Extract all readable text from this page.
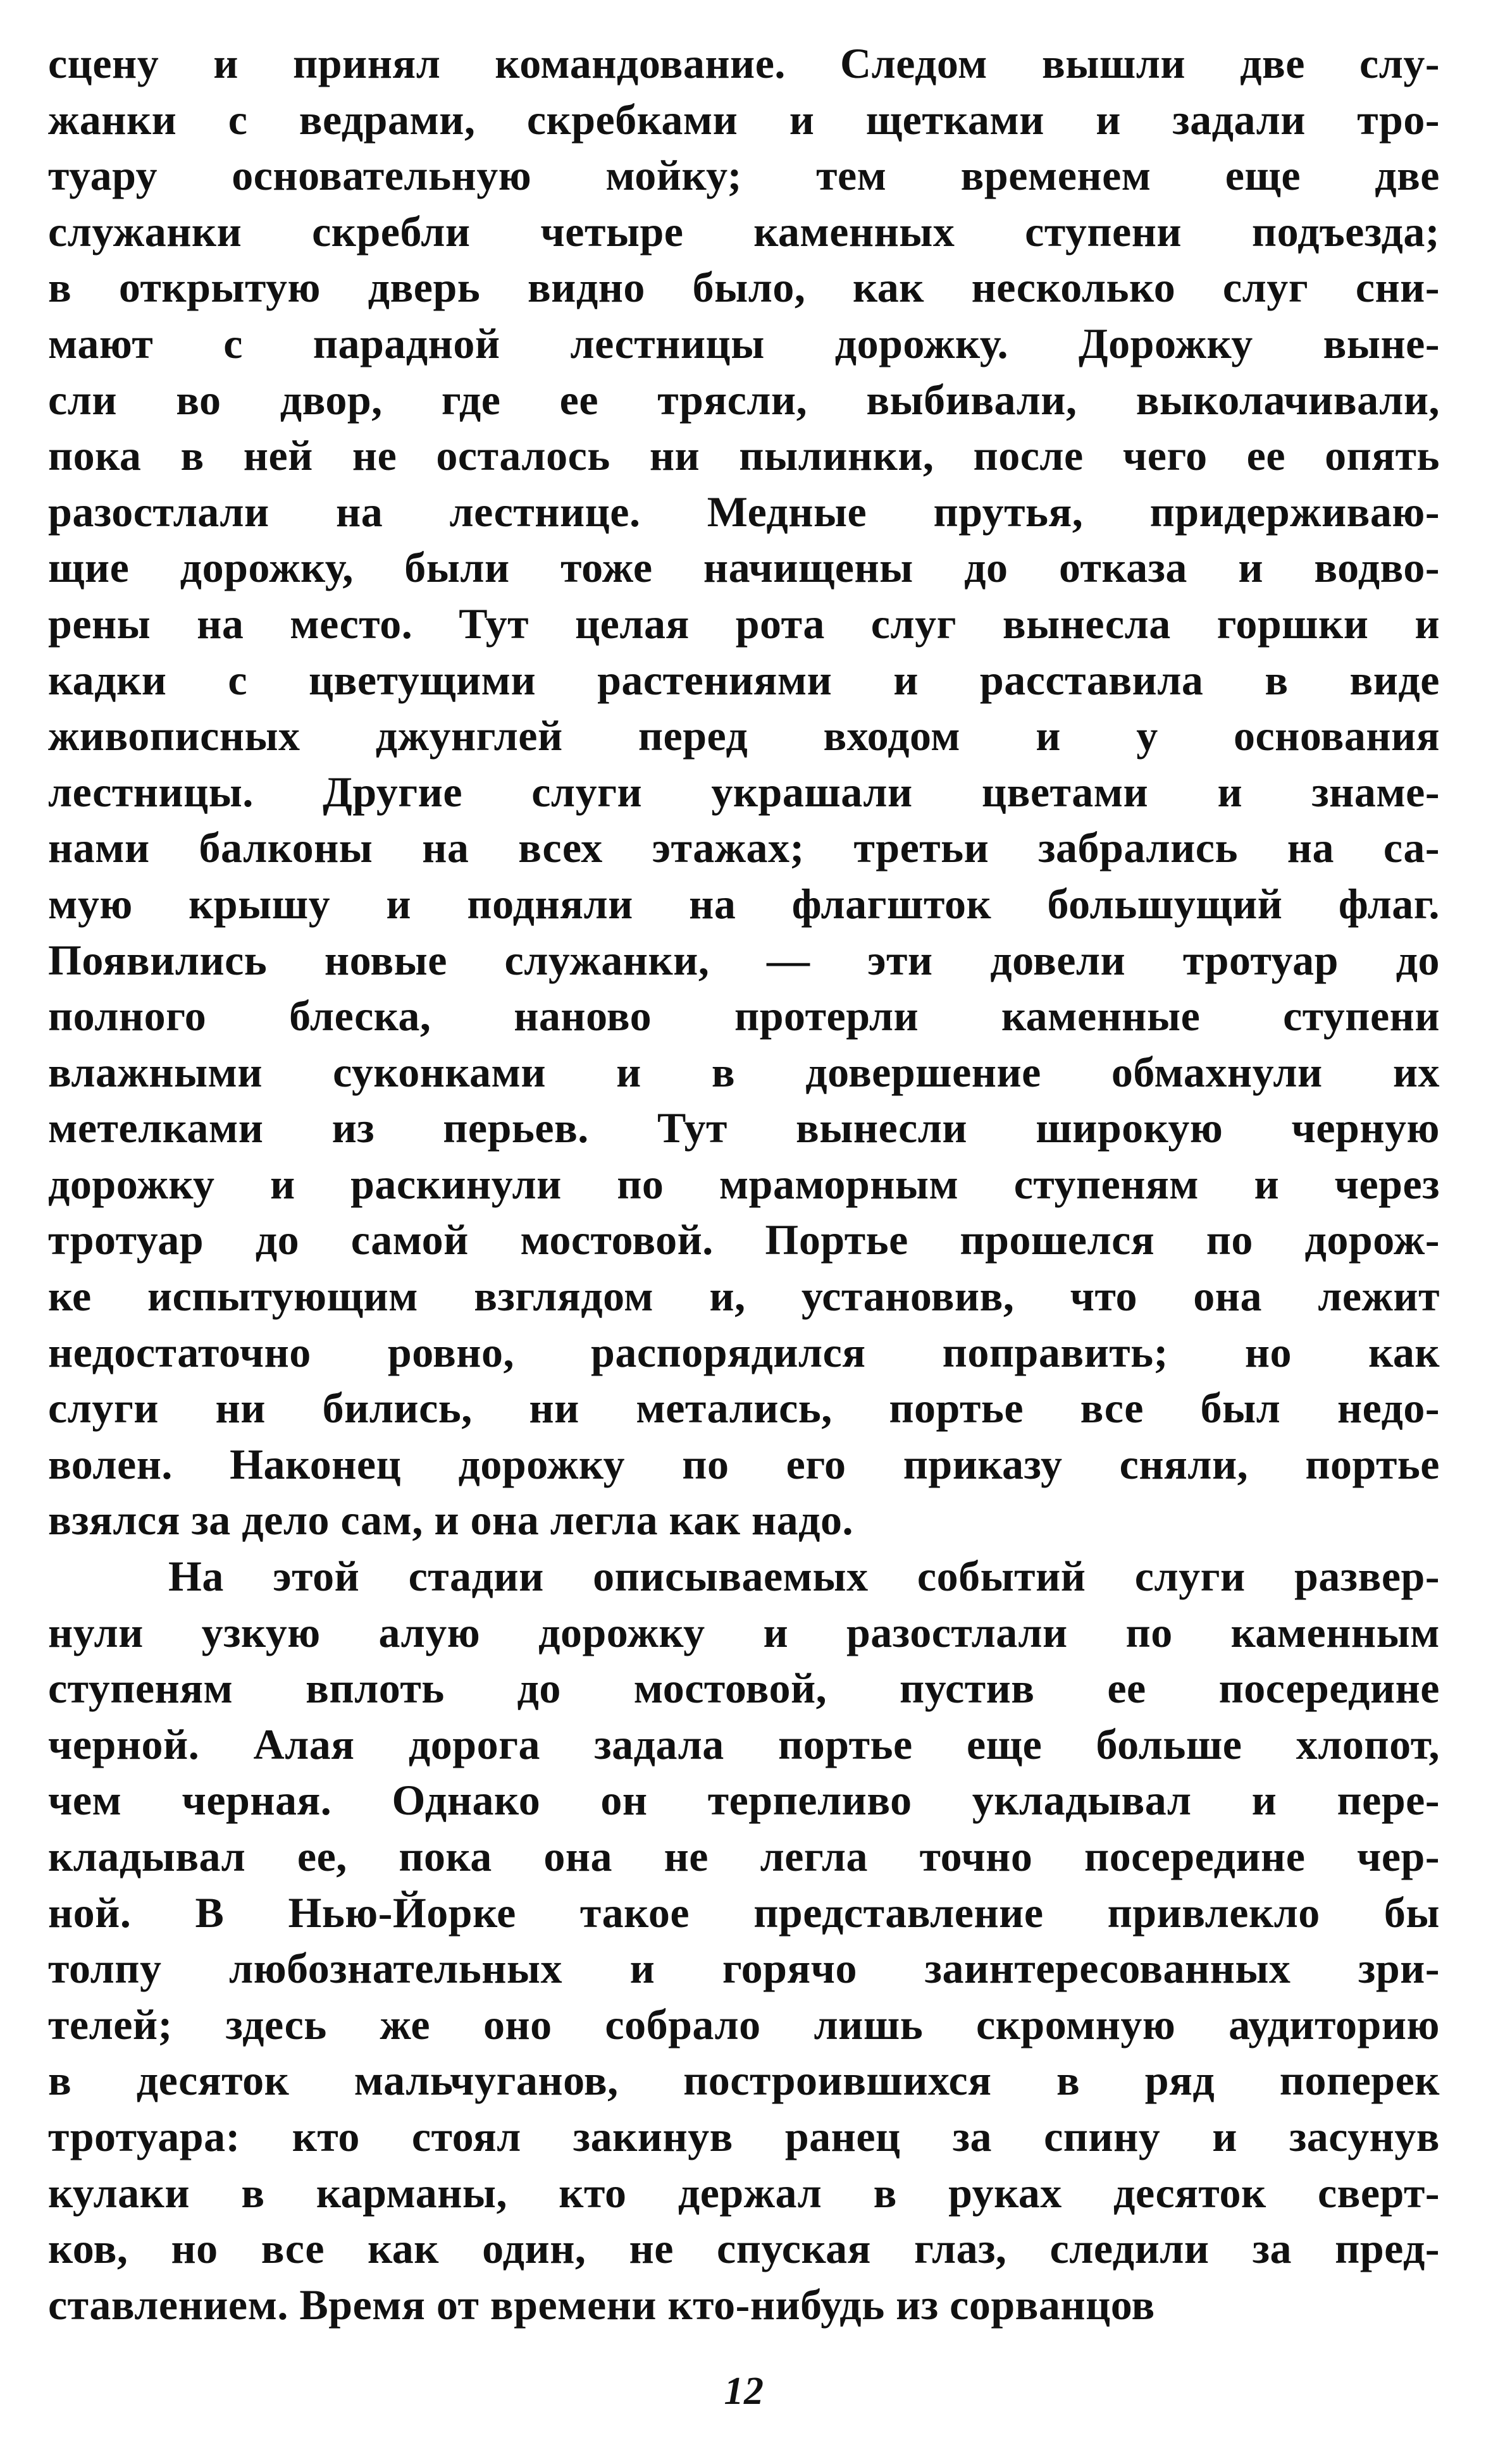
сцену и принял командование. Следом вышли две слу-
жанки с ведрами, скребками и щетками и задали тро-
туару основательную мойку; тем временем еще две
служанки скребли четыре каменных ступени подъезда;
в открытую дверь видно было, как несколько слуг сни-
мают с парадной лестницы дорожку. Дорожку выне-
сли во двор, где ее трясли, выбивали, выколачивали,
пока в ней не осталось ни пылинки, после чего ее опять
разостлали на лестнице. Медные прутья, придерживаю-
щие дорожку, были тоже начищены до отказа и водво-
рены на место. Тут целая рота слуг вынесла горшки и
кадки с цветущими растениями и расставила в виде
живописных джунглей перед входом и у основания
лестницы. Другие слуги украшали цветами и знаме-
нами балконы на всех этажах; третьи забрались на са-
мую крышу и подняли на флагшток большущий флаг.
Появились новые служанки, — эти довели тротуар до
полного блеска, наново протерли каменные ступени
влажными суконками и в довершение обмахнули их
метелками из перьев. Тут вынесли широкую черную
дорожку и раскинули по мраморным ступеням и через
тротуар до самой мостовой. Портье прошелся по дорож-
ке испытующим взглядом и, установив, что она лежит
недостаточно ровно, распорядился поправить; но как
слуги ни бились, ни метались, портье все был недо-
волен. Наконец дорожку по его приказу сняли, портье
взялся за дело сам, и она легла как надо.
На этой стадии описываемых событий слуги развер-
нули узкую алую дорожку и разостлали по каменным
ступеням вплоть до мостовой, пустив ее посередине
черной. Алая дорога задала портье еще больше хлопот,
чем черная. Однако он терпеливо укладывал и пере-
кладывал ее, пока она не легла точно посередине чер-
ной. В Нью-Йорке такое представление привлекло бы
толпу любознательных и горячо заинтересованных зри-
телей; здесь же оно собрало лишь скромную аудиторию
в десяток мальчуганов, построившихся в ряд поперек
тротуара: кто стоял закинув ранец за спину и засунув
кулаки в карманы, кто держал в руках десяток сверт-
ков, но все как один, не спуская глаз, следили за пред-
ставлением. Время от времени кто-нибудь из сорванцов
12
